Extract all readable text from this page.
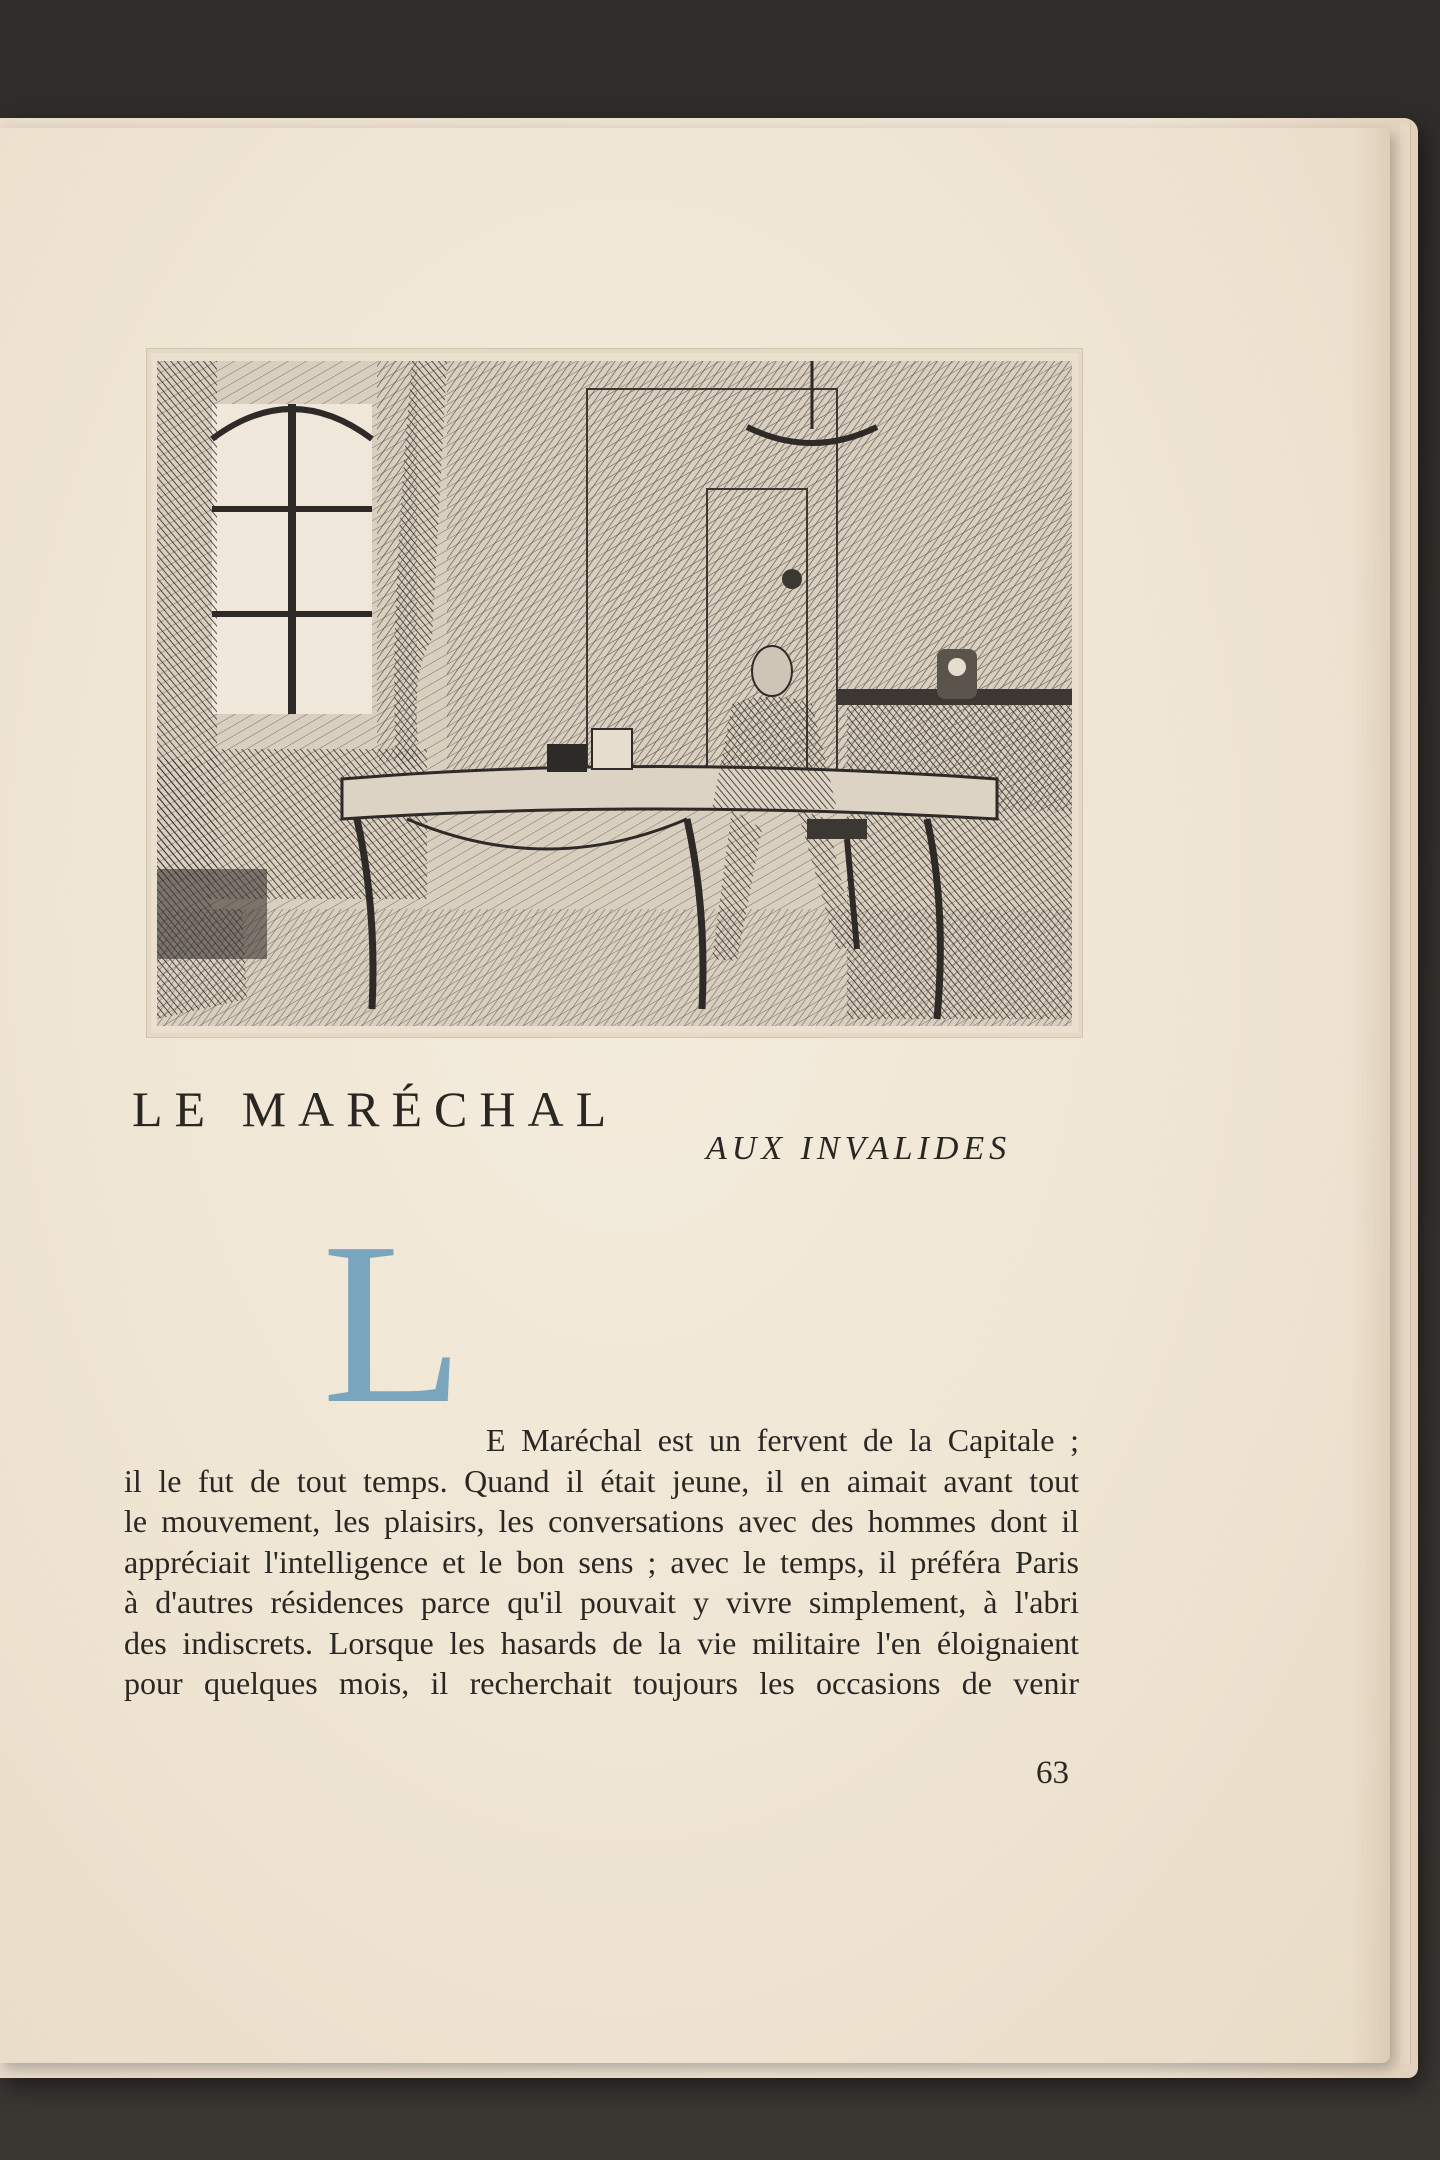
LE MARÉCHAL
AUX INVALIDES
L E Maréchal est un fervent de la Capitale ;
il le fut de tout temps. Quand il était jeune, il en aimait avant tout
le mouvement, les plaisirs, les conversations avec des hommes dont il
appréciait l'intelligence et le bon sens ; avec le temps, il préféra Paris
à d'autres résidences parce qu'il pouvait y vivre simplement, à l'abri
des indiscrets. Lorsque les hasards de la vie militaire l'en éloignaient
pour quelques mois, il recherchait toujours les occasions de venir
63
